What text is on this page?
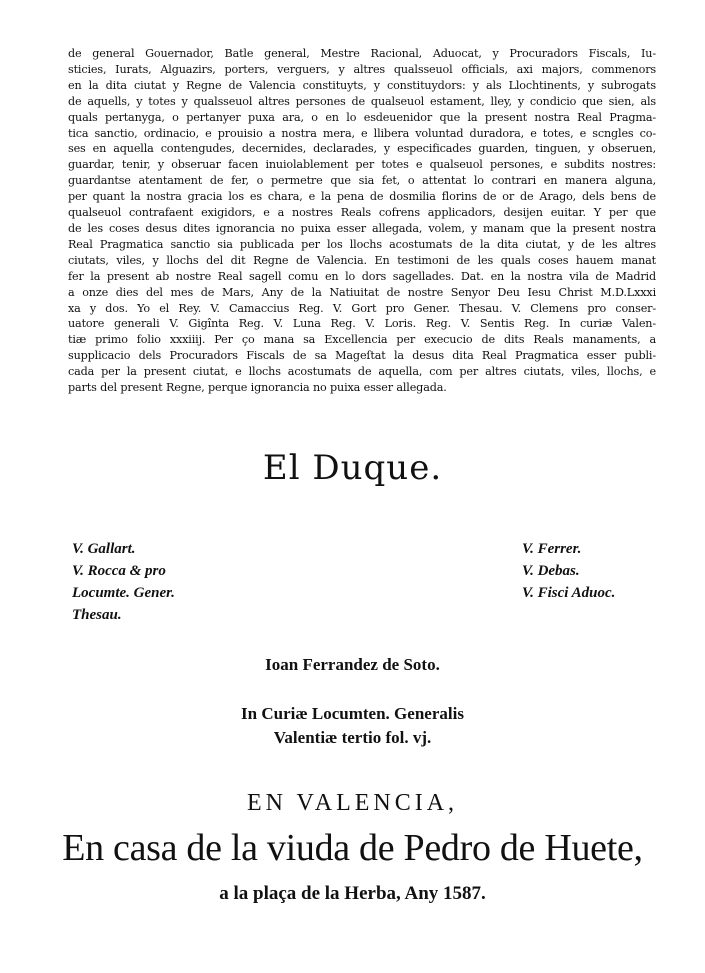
de general Gouernador, Batle general, Mestre Racional, Aduocat, y Procuradors Fiscals, Iu-
sticies, Iurats, Alguazirs, porters, verguers, y altres qualsseuol officials, axi majors, commenors
en la dita ciutat y Regne de Valencia constituyts, y constituydors: y als Llochtinents, y subrogats
de aquells, y totes y qualsseuol altres persones de qualseuol estament, lley, y condicio que sien, als
quals pertanyga, o pertanyer puxa ara, o en lo esdeuenidor que la present nostra Real Pragma-
tica sanctio, ordinacio, e prouisio a nostra mera, e llibera voluntad duradora, e totes, e scngles co-
ses en aquella contengudes, decernides, declarades, y especificades guarden, tinguen, y obseruen,
guardar, tenir, y obseruar facen inuiolablement per totes e qualseuol persones, e subdits nostres:
guardantse atentament de fer, o permetre que sia fet, o attentat lo contrari en manera alguna,
per quant la nostra gracia los es chara, e la pena de dosmilia florins de or de Arago, dels bens de
qualseuol contrafaent exigidors, e a nostres Reals cofrens applicadors, desijen euitar. Y per que
de les coses desus dites ignorancia no puixa esser allegada, volem, y manam que la present nostra
Real Pragmatica sanctio sia publicada per los llochs acostumats de la dita ciutat, y de les altres
ciutats, viles, y llochs del dit Regne de Valencia. En testimoni de les quals coses hauem manat
fer la present ab nostre Real sagell comu en lo dors sagellades. Dat. en la nostra vila de Madrid
a onze dies del mes de Mars, Any de la Natiuitat de nostre Senyor Deu Iesu Christ M.D.Lxxxi
xa y dos. Yo el Rey. V. Camaccius Reg. V. Gort pro Gener. Thesau. V. Clemens pro conser-
uatore generali V. Gigînta Reg. V. Luna Reg. V. Loris. Reg. V. Sentis Reg. In curiæ Valen-
tiæ primo folio xxxiiij. Per ço mana sa Excellencia per execucio de dits Reals manaments, a
supplicacio dels Procuradors Fiscals de sa Mageſtat la desus dita Real Pragmatica esser publi-
cada per la present ciutat, e llochs acostumats de aquella, com per altres ciutats, viles, llochs, e
parts del present Regne, perque ignorancia no puixa esser allegada.
El Duque.
V. Gallart.
V. Rocca & pro
Locumte. Gener.
Thesau.
V. Ferrer.
V. Debas.
V. Fisci Aduoc.
Ioan Ferrandez de Soto.
In Curiæ Locumten. Generalis
Valentiæ tertio fol. vj.
EN VALENCIA,
En casa de la viuda de Pedro de Huete,
a la plaça de la Herba, Any 1587.
